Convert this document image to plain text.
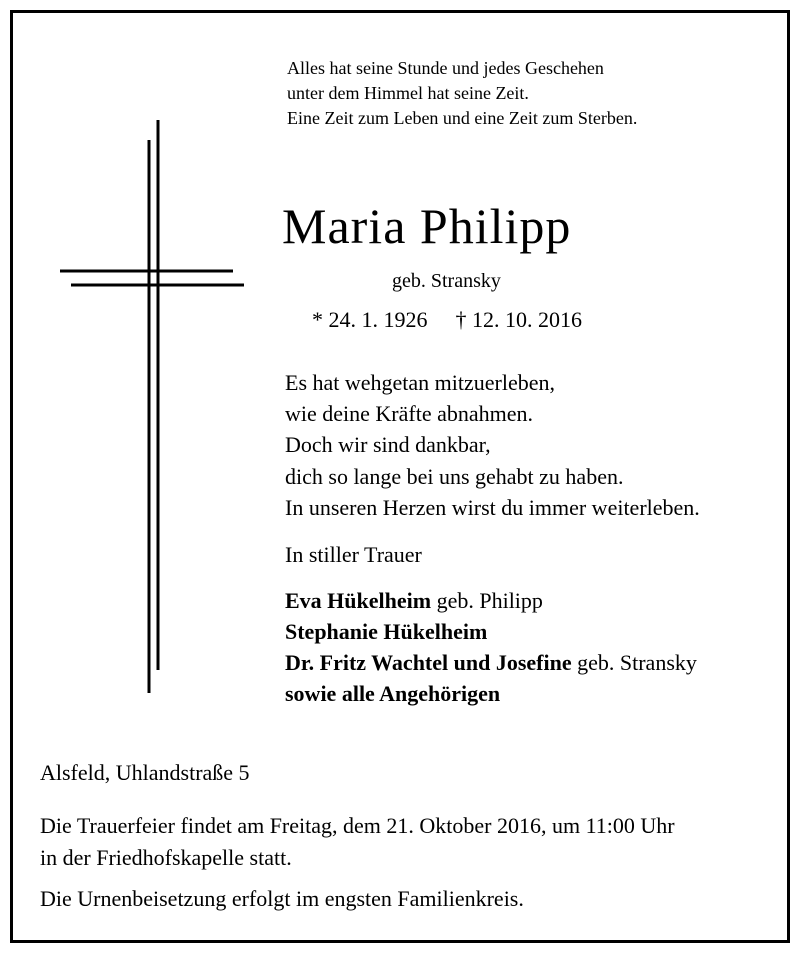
Alles hat seine Stunde und jedes Geschehen
unter dem Himmel hat seine Zeit.
Eine Zeit zum Leben und eine Zeit zum Sterben.
Maria Philipp
geb. Stransky
* 24. 1. 1926 † 12. 10. 2016
Es hat wehgetan mitzuerleben,
wie deine Kräfte abnahmen.
Doch wir sind dankbar,
dich so lange bei uns gehabt zu haben.
In unseren Herzen wirst du immer weiterleben.
In stiller Trauer
Eva Hükelheim geb. Philipp
Stephanie Hükelheim
Dr. Fritz Wachtel und Josefine geb. Stransky
sowie alle Angehörigen
Alsfeld, Uhlandstraße 5
Die Trauerfeier findet am Freitag, dem 21. Oktober 2016, um 11:00 Uhr
in der Friedhofskapelle statt.
Die Urnenbeisetzung erfolgt im engsten Familienkreis.
